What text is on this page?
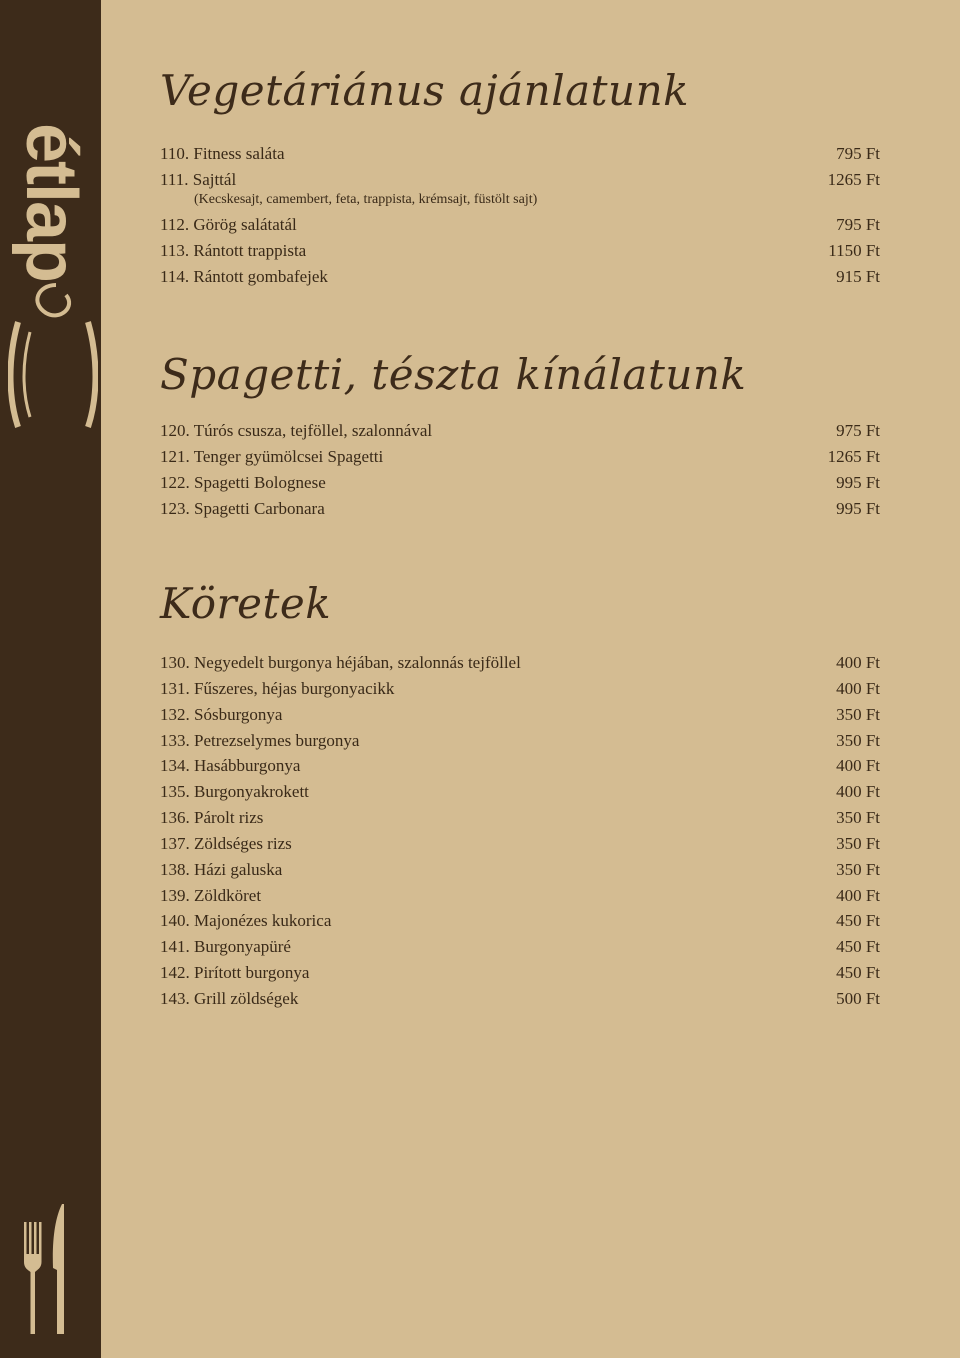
étlap
Vegetáriánus ajánlatunk
110. Fitness saláta	795 Ft
111. Sajttál	1265 Ft
(Kecskesajt, camembert, feta, trappista, krémsajt, füstölt sajt)
112. Görög salátatál	795 Ft
113. Rántott trappista	1150 Ft
114. Rántott gombafejek	915 Ft
Spagetti, tészta kínálatunk
120. Túrós csusza, tejföllel, szalonnával	975 Ft
121. Tenger gyümölcsei Spagetti	1265 Ft
122. Spagetti Bolognese	995 Ft
123. Spagetti Carbonara	995 Ft
Köretek
130. Negyedelt burgonya héjában, szalonnás tejföllel	400 Ft
131. Fűszeres, héjas burgonyacikk	400 Ft
132. Sósburgonya	350 Ft
133. Petrezselymes burgonya	350 Ft
134. Hasábburgonya	400 Ft
135. Burgonyakrokett	400 Ft
136. Párolt rizs	350 Ft
137. Zöldséges rizs	350 Ft
138. Házi galuska	350 Ft
139. Zöldköret	400 Ft
140. Majonézes kukorica	450 Ft
141. Burgonyapüré	450 Ft
142. Pirított burgonya	450 Ft
143. Grill zöldségek	500 Ft
